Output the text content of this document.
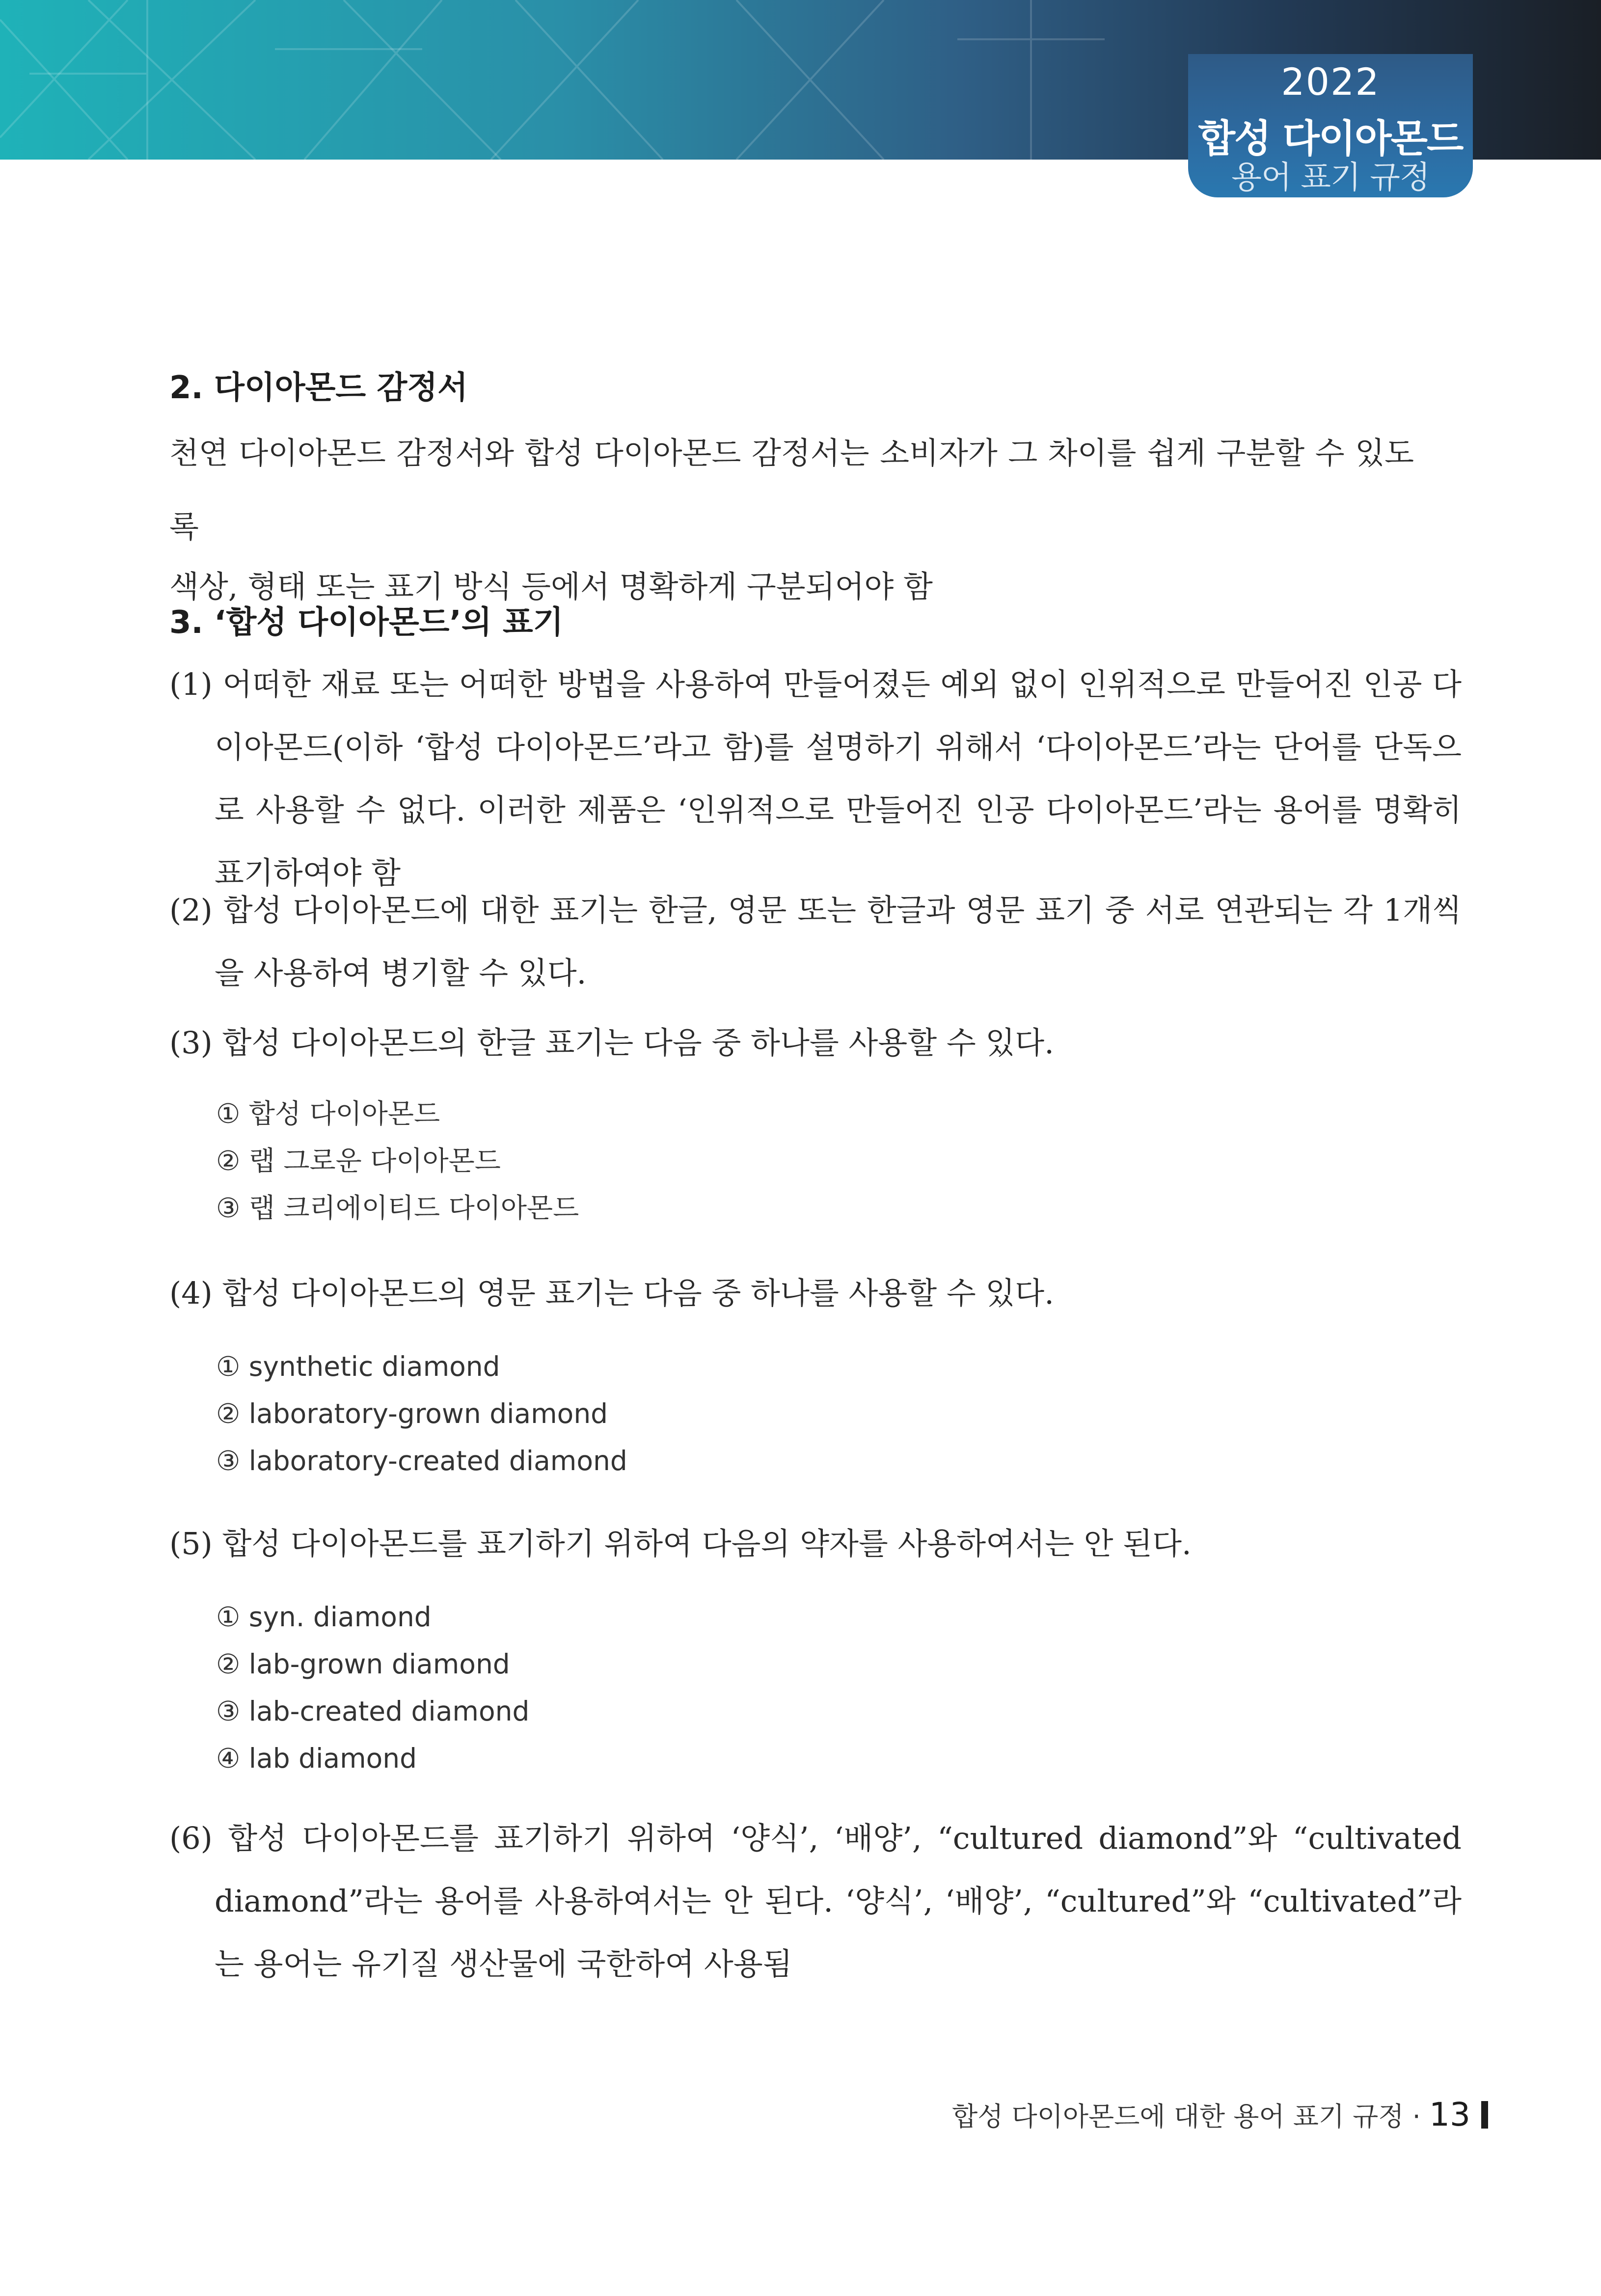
2022
합성 다이아몬드
용어 표기 규정
2. 다이아몬드 감정서
천연 다이아몬드 감정서와 합성 다이아몬드 감정서는 소비자가 그 차이를 쉽게 구분할 수 있도록
색상, 형태 또는 표기 방식 등에서 명확하게 구분되어야 함
3. ‘합성 다이아몬드’의 표기
(1) 어떠한 재료 또는 어떠한 방법을 사용하여 만들어졌든 예외 없이 인위적으로 만들어진 인공 다이아몬드(이하 ‘합성 다이아몬드’라고 함)를 설명하기 위해서 ‘다이아몬드’라는 단어를 단독으로 사용할 수 없다. 이러한 제품은 ‘인위적으로 만들어진 인공 다이아몬드’라는 용어를 명확히 표기하여야 함
(2) 합성 다이아몬드에 대한 표기는 한글, 영문 또는 한글과 영문 표기 중 서로 연관되는 각 1개씩을 사용하여 병기할 수 있다.
(3) 합성 다이아몬드의 한글 표기는 다음 중 하나를 사용할 수 있다.
① 합성 다이아몬드
② 랩 그로운 다이아몬드
③ 랩 크리에이티드 다이아몬드
(4) 합성 다이아몬드의 영문 표기는 다음 중 하나를 사용할 수 있다.
① synthetic diamond
② laboratory-grown diamond
③ laboratory-created diamond
(5) 합성 다이아몬드를 표기하기 위하여 다음의 약자를 사용하여서는 안 된다.
① syn. diamond
② lab-grown diamond
③ lab-created diamond
④ lab diamond
(6) 합성 다이아몬드를 표기하기 위하여 ‘양식’, ‘배양’, “cultured diamond”와 “cultivated diamond”라는 용어를 사용하여서는 안 된다. ‘양식’, ‘배양’, “cultured”와 “cultivated”라는 용어는 유기질 생산물에 국한하여 사용됨
합성 다이아몬드에 대한 용어 표기 규정 · 13
